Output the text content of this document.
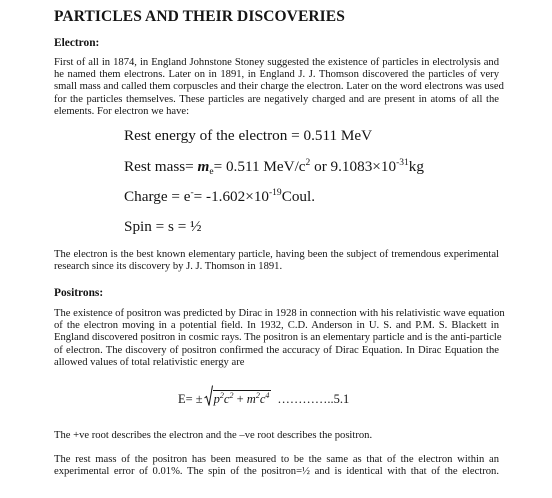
PARTICLES AND THEIR DISCOVERIES
Electron:
First of all in 1874, in England Johnstone Stoney suggested the existence of particles in electrolysis and
he named them electrons. Later on in 1891, in England J. J. Thomson discovered the particles of very
small mass and called them corpuscles and their charge the electron. Later on the word electrons was used
for the particles themselves. These particles are negatively charged and are present in atoms of all the
elements. For electron we have:
Rest energy of the electron = 0.511 MeV
Rest mass= $m_e= 0.511$ MeV/$c^2$ or $9.1083\times 10^{-31}kg$
Charge = $e^-= -1.602\times 10^{-19}Coul$.
Spin = s = ½
The electron is the best known elementary particle, having been the subject of tremendous experimental
research since its discovery by J. J. Thomson in 1891.
Positrons:
The existence of positron was predicted by Dirac in 1928 in connection with his relativistic wave equation
of the electron moving in a potential field. In 1932, C.D. Anderson in U. S. and P.M. S. Blackett in
England discovered positron in cosmic rays. The positron is an elementary particle and is the anti-particle
of electron. The discovery of positron confirmed the accuracy of Dirac Equation. In Dirac Equation the
allowed values of total relativistic energy are
$E= \pm p^2c^2 + m^2c^4$ …………..5.1
The +ve root describes the electron and the –ve root describes the positron.
The rest mass of the positron has been measured to be the same as that of the electron within an
experimental error of 0.01%. The spin of the positron=½ and is identical with that of the electron.
